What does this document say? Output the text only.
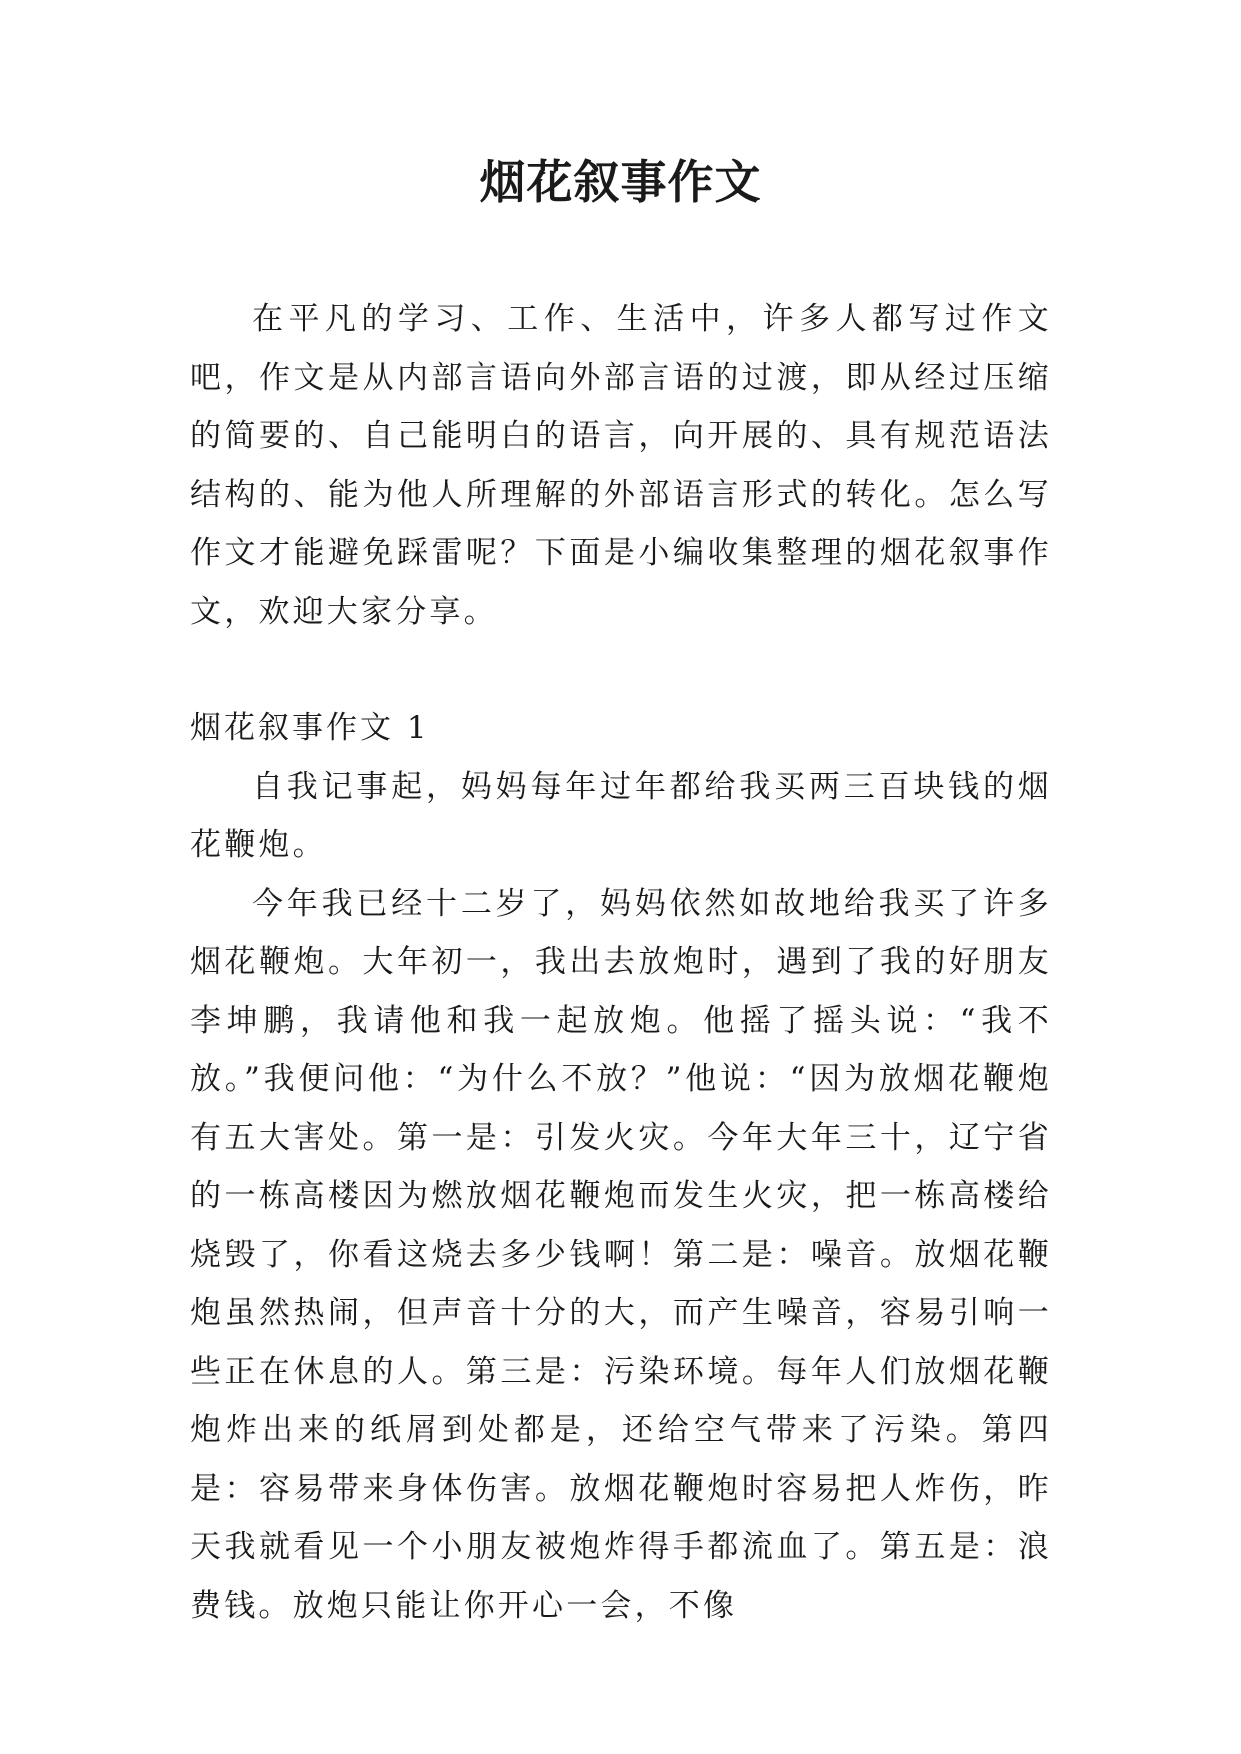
烟花叙事作文

在平凡的学习、工作、生活中，许多人都写过作文吧，作文是从内部言语向外部言语的过渡，即从经过压缩的简要的、自己能明白的语言，向开展的、具有规范语法结构的、能为他人所理解的外部语言形式的转化。怎么写作文才能避免踩雷呢？下面是小编收集整理的烟花叙事作文，欢迎大家分享。

烟花叙事作文 1

自我记事起，妈妈每年过年都给我买两三百块钱的烟花鞭炮。

今年我已经十二岁了，妈妈依然如故地给我买了许多烟花鞭炮。大年初一，我出去放炮时，遇到了我的好朋友李坤鹏，我请他和我一起放炮。他摇了摇头说：“我不放。”我便问他：“为什么不放？”他说：“因为放烟花鞭炮有五大害处。第一是：引发火灾。今年大年三十，辽宁省的一栋高楼因为燃放烟花鞭炮而发生火灾，把一栋高楼给烧毁了，你看这烧去多少钱啊！第二是：噪音。放烟花鞭炮虽然热闹，但声音十分的大，而产生噪音，容易引响一些正在休息的人。第三是：污染环境。每年人们放烟花鞭炮炸出来的纸屑到处都是，还给空气带来了污染。第四是：容易带来身体伤害。放烟花鞭炮时容易把人炸伤，昨天我就看见一个小朋友被炮炸得手都流血了。第五是：浪费钱。放炮只能让你开心一会，不像
